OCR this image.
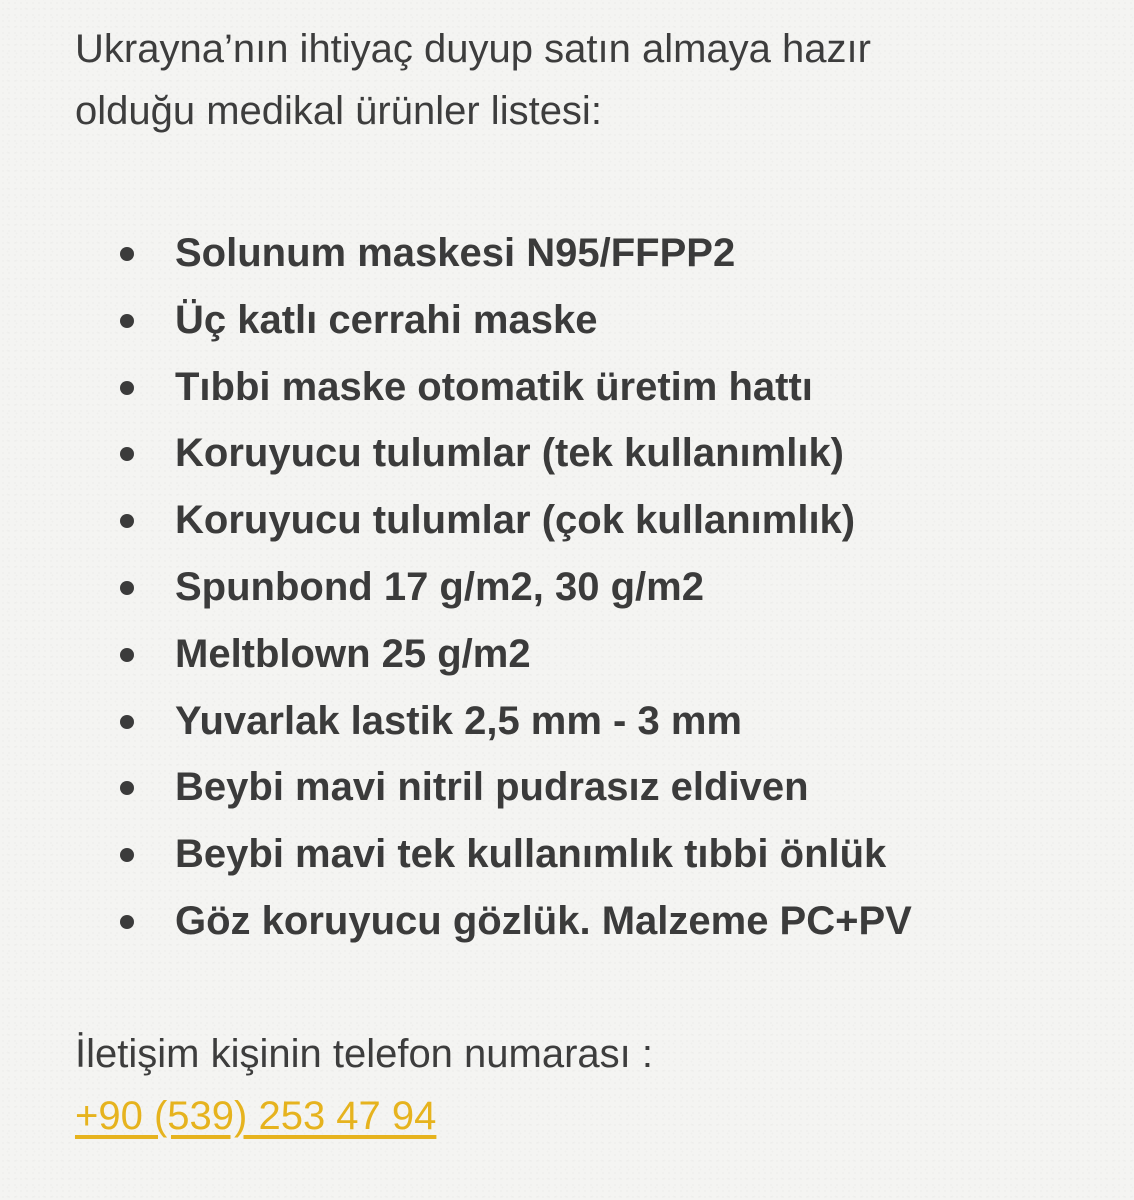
Ukrayna’nın ihtiyaç duyup satın almaya hazır
olduğu medikal ürünler listesi:

Solunum maskesi N95/FFPP2
Üç katlı cerrahi maske
Tıbbi maske otomatik üretim hattı
Koruyucu tulumlar (tek kullanımlık)
Koruyucu tulumlar (çok kullanımlık)
Spunbond 17 g/m2, 30 g/m2
Meltblown 25 g/m2
Yuvarlak lastik 2,5 mm - 3 mm
Beybi mavi nitril pudrasız eldiven
Beybi mavi tek kullanımlık tıbbi önlük
Göz koruyucu gözlük. Malzeme PC+PV

İletişim kişinin telefon numarası :

+90 (539) 253 47 94
